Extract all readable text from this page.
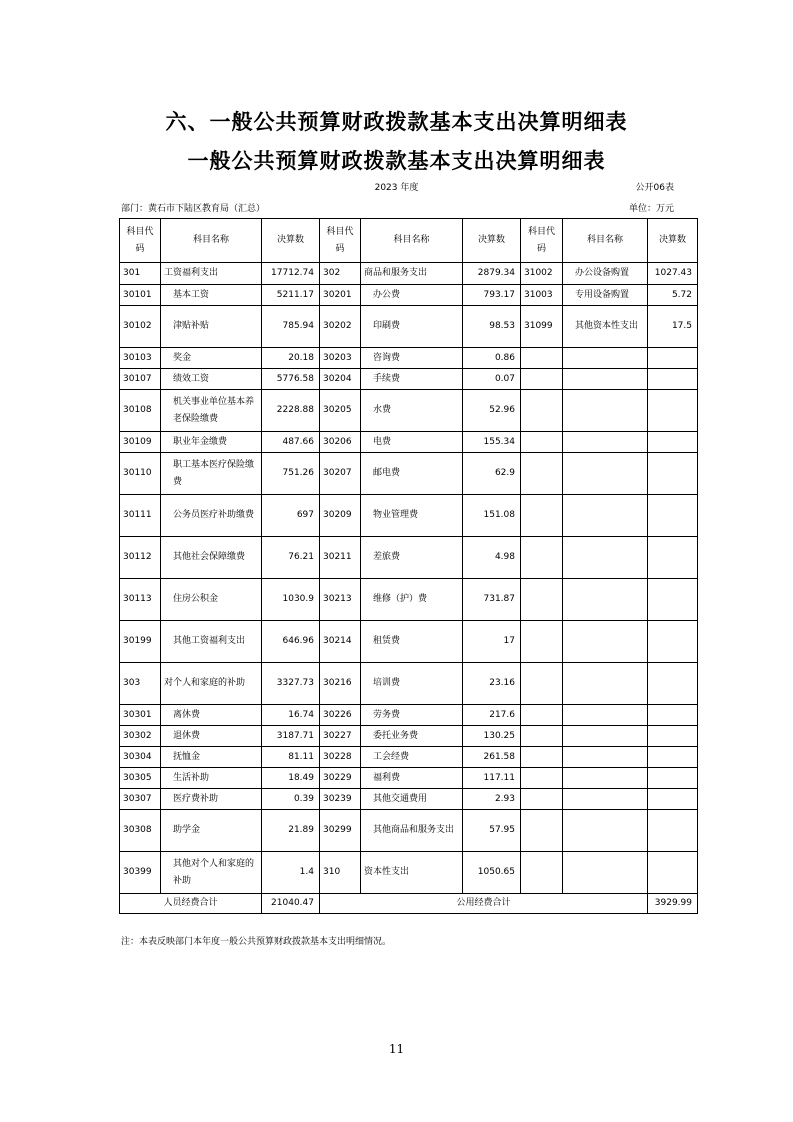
六、一般公共预算财政拨款基本支出决算明细表
一般公共预算财政拨款基本支出决算明细表
2023 年度	公开06表
部门：黄石市下陆区教育局（汇总）	单位：万元
科目代码	科目名称	决算数	科目代码	科目名称	决算数	科目代码	科目名称	决算数
301	工资福利支出	17712.74	302	商品和服务支出	2879.34	31002	办公设备购置	1027.43
30101	基本工资	5211.17	30201	办公费	793.17	31003	专用设备购置	5.72
30102	津贴补贴	785.94	30202	印刷费	98.53	31099	其他资本性支出	17.5
30103	奖金	20.18	30203	咨询费	0.86			
30107	绩效工资	5776.58	30204	手续费	0.07			
30108	机关事业单位基本养老保险缴费	2228.88	30205	水费	52.96			
30109	职业年金缴费	487.66	30206	电费	155.34			
30110	职工基本医疗保险缴费	751.26	30207	邮电费	62.9			
30111	公务员医疗补助缴费	697	30209	物业管理费	151.08			
30112	其他社会保障缴费	76.21	30211	差旅费	4.98			
30113	住房公积金	1030.9	30213	维修（护）费	731.87			
30199	其他工资福利支出	646.96	30214	租赁费	17			
303	对个人和家庭的补助	3327.73	30216	培训费	23.16			
30301	离休费	16.74	30226	劳务费	217.6			
30302	退休费	3187.71	30227	委托业务费	130.25			
30304	抚恤金	81.11	30228	工会经费	261.58			
30305	生活补助	18.49	30229	福利费	117.11			
30307	医疗费补助	0.39	30239	其他交通费用	2.93			
30308	助学金	21.89	30299	其他商品和服务支出	57.95			
30399	其他对个人和家庭的补助	1.4	310	资本性支出	1050.65			
人员经费合计		21040.47	公用经费合计					3929.99
注：本表反映部门本年度一般公共预算财政拨款基本支出明细情况。
11
